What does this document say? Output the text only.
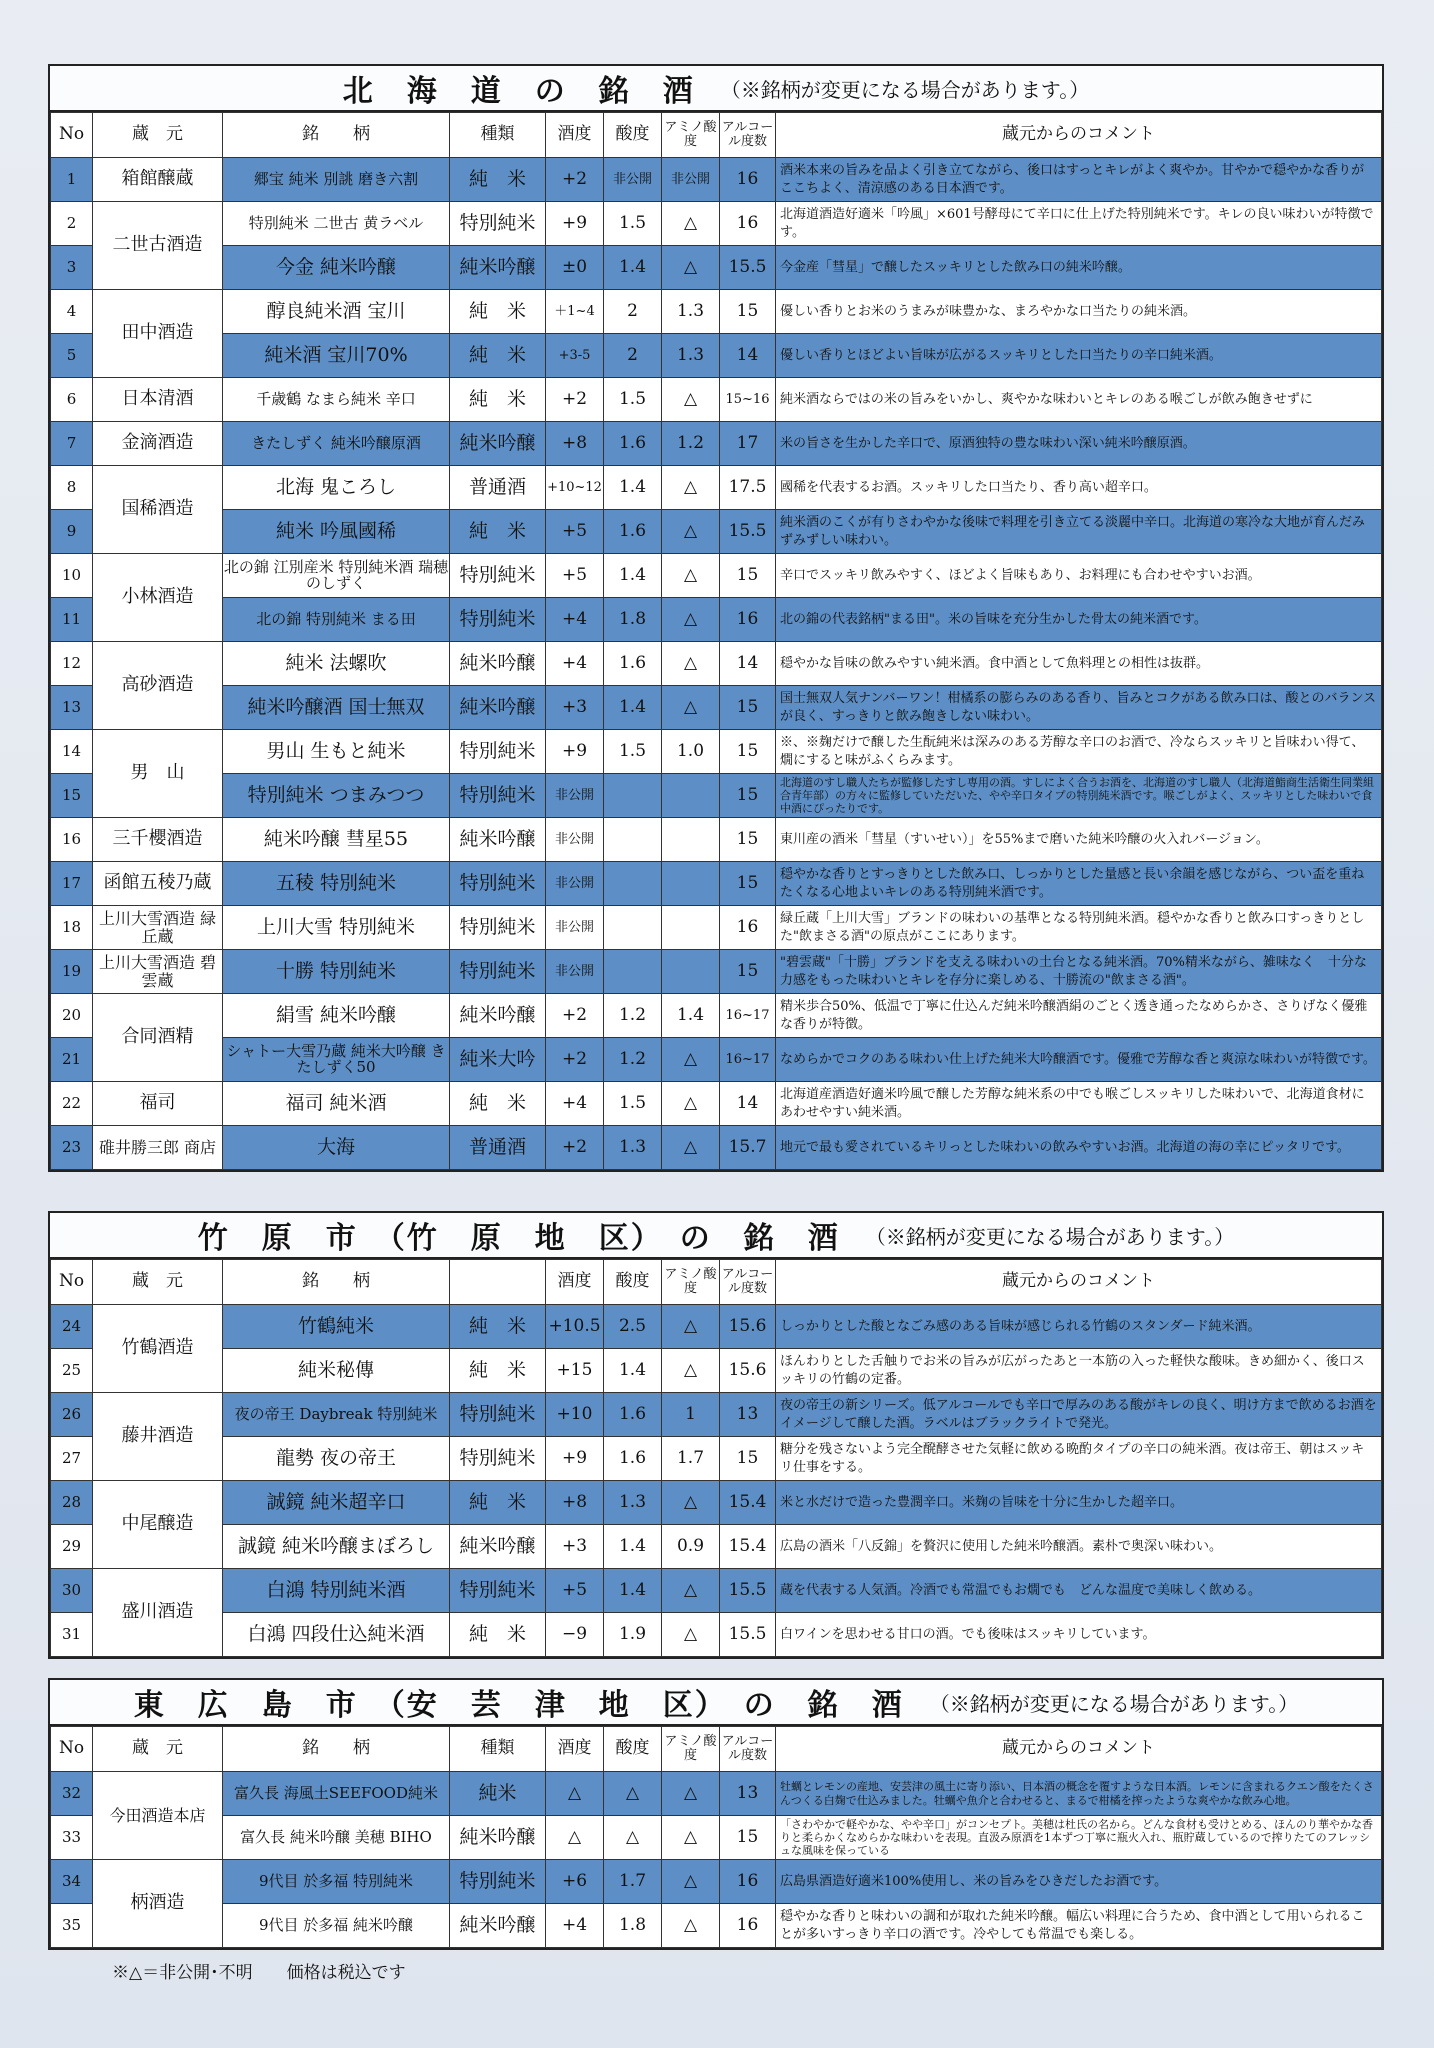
北　海　道　の　銘　酒 （※銘柄が変更になる場合があります。）
No	蔵　元	銘　　柄	種類	酒度	酸度	アミノ酸度	アルコール度数	蔵元からのコメント
1	箱館醸蔵	郷宝 純米 別誂 磨き六割	純　米	+2	非公開	非公開	16	酒米本来の旨みを品よく引き立てながら、後口はすっとキレがよく爽やか。甘やかで穏やかな香りがここちよく、清涼感のある日本酒です。
2	二世古酒造	特別純米 二世古 黄ラベル	特別純米	+9	1.5	△	16	北海道酒造好適米「吟風」×601号酵母にて辛口に仕上げた特別純米です。キレの良い味わいが特徴です。
3		今金 純米吟醸	純米吟醸	±0	1.4	△	15.5	今金産「彗星」で醸したスッキリとした飲み口の純米吟醸。
4	田中酒造	醇良純米酒 宝川	純　米	＋1~4	2	1.3	15	優しい香りとお米のうまみが味豊かな、まろやかな口当たりの純米酒。
5		純米酒 宝川70%	純　米	+3-5	2	1.3	14	優しい香りとほどよい旨味が広がるスッキリとした口当たりの辛口純米酒。
6	日本清酒	千歳鶴 なまら純米 辛口	純　米	+2	1.5	△	15~16	純米酒ならではの米の旨みをいかし、爽やかな味わいとキレのある喉ごしが飲み飽きせずに
7	金滴酒造	きたしずく 純米吟醸原酒	純米吟醸	+8	1.6	1.2	17	米の旨さを生かした辛口で、原酒独特の豊な味わい深い純米吟醸原酒。
8	国稀酒造	北海 鬼ころし	普通酒	+10~12	1.4	△	17.5	國稀を代表するお酒。スッキリした口当たり、香り高い超辛口。
9		純米 吟風國稀	純　米	+5	1.6	△	15.5	純米酒のこくが有りさわやかな後味で料理を引き立てる淡麗中辛口。北海道の寒冷な大地が育んだみずみずしい味わい。
10	小林酒造	北の錦 江別産米 特別純米酒 瑞穂のしずく	特別純米	+5	1.4	△	15	辛口でスッキリ飲みやすく、ほどよく旨味もあり、お料理にも合わせやすいお酒。
11		北の錦 特別純米 まる田	特別純米	+4	1.8	△	16	北の錦の代表銘柄"まる田"。米の旨味を充分生かした骨太の純米酒です。
12	高砂酒造	純米 法螺吹	純米吟醸	+4	1.6	△	14	穏やかな旨味の飲みやすい純米酒。食中酒として魚料理との相性は抜群。
13		純米吟醸酒 国士無双	純米吟醸	+3	1.4	△	15	国士無双人気ナンバーワン！柑橘系の膨らみのある香り、旨みとコクがある飲み口は、酸とのバランスが良く、すっきりと飲み飽きしない味わい。
14	男　山	男山 生もと純米	特別純米	+9	1.5	1.0	15	※、※麹だけで醸した生酛純米は深みのある芳醇な辛口のお酒で、冷ならスッキリと旨味わい得て、燗にすると味がふくらみます。
15		特別純米 つまみつつ	特別純米	非公開			15	北海道のすし職人たちが監修したすし専用の酒。すしによく合うお酒を、北海道のすし職人（北海道鮨商生活衛生同業組合青年部）の方々に監修していただいた、やや辛口タイプの特別純米酒です。喉ごしがよく、スッキリとした味わいで食中酒にぴったりです。
16	三千櫻酒造	純米吟醸 彗星55	純米吟醸	非公開			15	東川産の酒米「彗星（すいせい）」を55%まで磨いた純米吟醸の火入れバージョン。
17	函館五稜乃蔵	五稜 特別純米	特別純米	非公開			15	穏やかな香りとすっきりとした飲み口、しっかりとした量感と長い余韻を感じながら、つい盃を重ねたくなる心地よいキレのある特別純米酒です。
18	上川大雪酒造 緑丘蔵	上川大雪 特別純米	特別純米	非公開			16	緑丘蔵「上川大雪」ブランドの味わいの基準となる特別純米酒。穏やかな香りと飲み口すっきりとした"飲まさる酒"の原点がここにあります。
19	上川大雪酒造 碧雲蔵	十勝 特別純米	特別純米	非公開			15	"碧雲蔵"「十勝」ブランドを支える味わいの土台となる純米酒。70%精米ながら、雑味なく　十分な力感をもった味わいとキレを存分に楽しめる、十勝流の"飲まさる酒"。
20	合同酒精	絹雪 純米吟醸	純米吟醸	+2	1.2	1.4	16~17	精米歩合50%、低温で丁寧に仕込んだ純米吟醸酒絹のごとく透き通ったなめらかさ、さりげなく優雅な香りが特徴。
21		シャトー大雪乃蔵 純米大吟醸 きたしずく50	純米大吟	+2	1.2	△	16~17	なめらかでコクのある味わい仕上げた純米大吟醸酒です。優雅で芳醇な香と爽涼な味わいが特徴です。
22	福司	福司 純米酒	純　米	+4	1.5	△	14	北海道産酒造好適米吟風で醸した芳醇な純米系の中でも喉ごしスッキリした味わいで、北海道食材にあわせやすい純米酒。
23	碓井勝三郎 商店	大海	普通酒	+2	1.3	△	15.7	地元で最も愛されているキリっとした味わいの飲みやすいお酒。北海道の海の幸にピッタリです。
竹　原　市　（竹　原　地　区）　の　銘　酒 （※銘柄が変更になる場合があります。）
No	蔵　元	銘　　柄		酒度	酸度	アミノ酸度	アルコール度数	蔵元からのコメント
24	竹鶴酒造	竹鶴純米	純　米	+10.5	2.5	△	15.6	しっかりとした酸となごみ感のある旨味が感じられる竹鶴のスタンダード純米酒。
25		純米秘傳	純　米	+15	1.4	△	15.6	ほんわりとした舌触りでお米の旨みが広がったあと一本筋の入った軽快な酸味。きめ細かく、後口スッキリの竹鶴の定番。
26	藤井酒造	夜の帝王 Daybreak 特別純米	特別純米	+10	1.6	1	13	夜の帝王の新シリーズ。低アルコールでも辛口で厚みのある酸がキレの良く、明け方まで飲めるお酒をイメージして醸した酒。ラベルはブラックライトで発光。
27		龍勢 夜の帝王	特別純米	+9	1.6	1.7	15	糖分を残さないよう完全醗酵させた気軽に飲める晩酌タイプの辛口の純米酒。夜は帝王、朝はスッキリ仕事をする。
28	中尾醸造	誠鏡 純米超辛口	純　米	+8	1.3	△	15.4	米と水だけで造った豊潤辛口。米麹の旨味を十分に生かした超辛口。
29		誠鏡 純米吟醸まぼろし	純米吟醸	+3	1.4	0.9	15.4	広島の酒米「八反錦」を贅沢に使用した純米吟醸酒。素朴で奥深い味わい。
30	盛川酒造	白鴻 特別純米酒	特別純米	+5	1.4	△	15.5	蔵を代表する人気酒。冷酒でも常温でもお燗でも　どんな温度で美味しく飲める。
31		白鴻 四段仕込純米酒	純　米	−9	1.9	△	15.5	白ワインを思わせる甘口の酒。でも後味はスッキリしています。
東　広　島　市　（安　芸　津　地　区）　の　銘　酒 （※銘柄が変更になる場合があります。）
No	蔵　元	銘　　柄	種類	酒度	酸度	アミノ酸度	アルコール度数	蔵元からのコメント
32	今田酒造本店	富久長 海風土SEEFOOD純米	純米	△	△	△	13	牡蠣とレモンの産地、安芸津の風土に寄り添い、日本酒の概念を覆すような日本酒。レモンに含まれるクエン酸をたくさんつくる白麹で仕込みました。牡蠣や魚介と合わせると、まるで柑橘を搾ったような爽やかな飲み心地。
33		富久長 純米吟醸 美穂 BIHO	純米吟醸	△	△	△	15	「さわやかで軽やかな、やや辛口」がコンセプト。美穂は杜氏の名から。どんな食材も受けとめる、ほんのり華やかな香りと柔らかくなめらかな味わいを表現。直汲み原酒を1本ずつ丁寧に瓶火入れ、瓶貯蔵しているので搾りたてのフレッシュな風味を保っている
34	柄酒造	9代目 於多福 特別純米	特別純米	+6	1.7	△	16	広島県酒造好適米100%使用し、米の旨みをひきだしたお酒です。
35		9代目 於多福 純米吟醸	純米吟醸	+4	1.8	△	16	穏やかな香りと味わいの調和が取れた純米吟醸。幅広い料理に合うため、食中酒として用いられることが多いすっきり辛口の酒です。冷やしても常温でも楽しる。
※△＝非公開･不明　　価格は税込です
